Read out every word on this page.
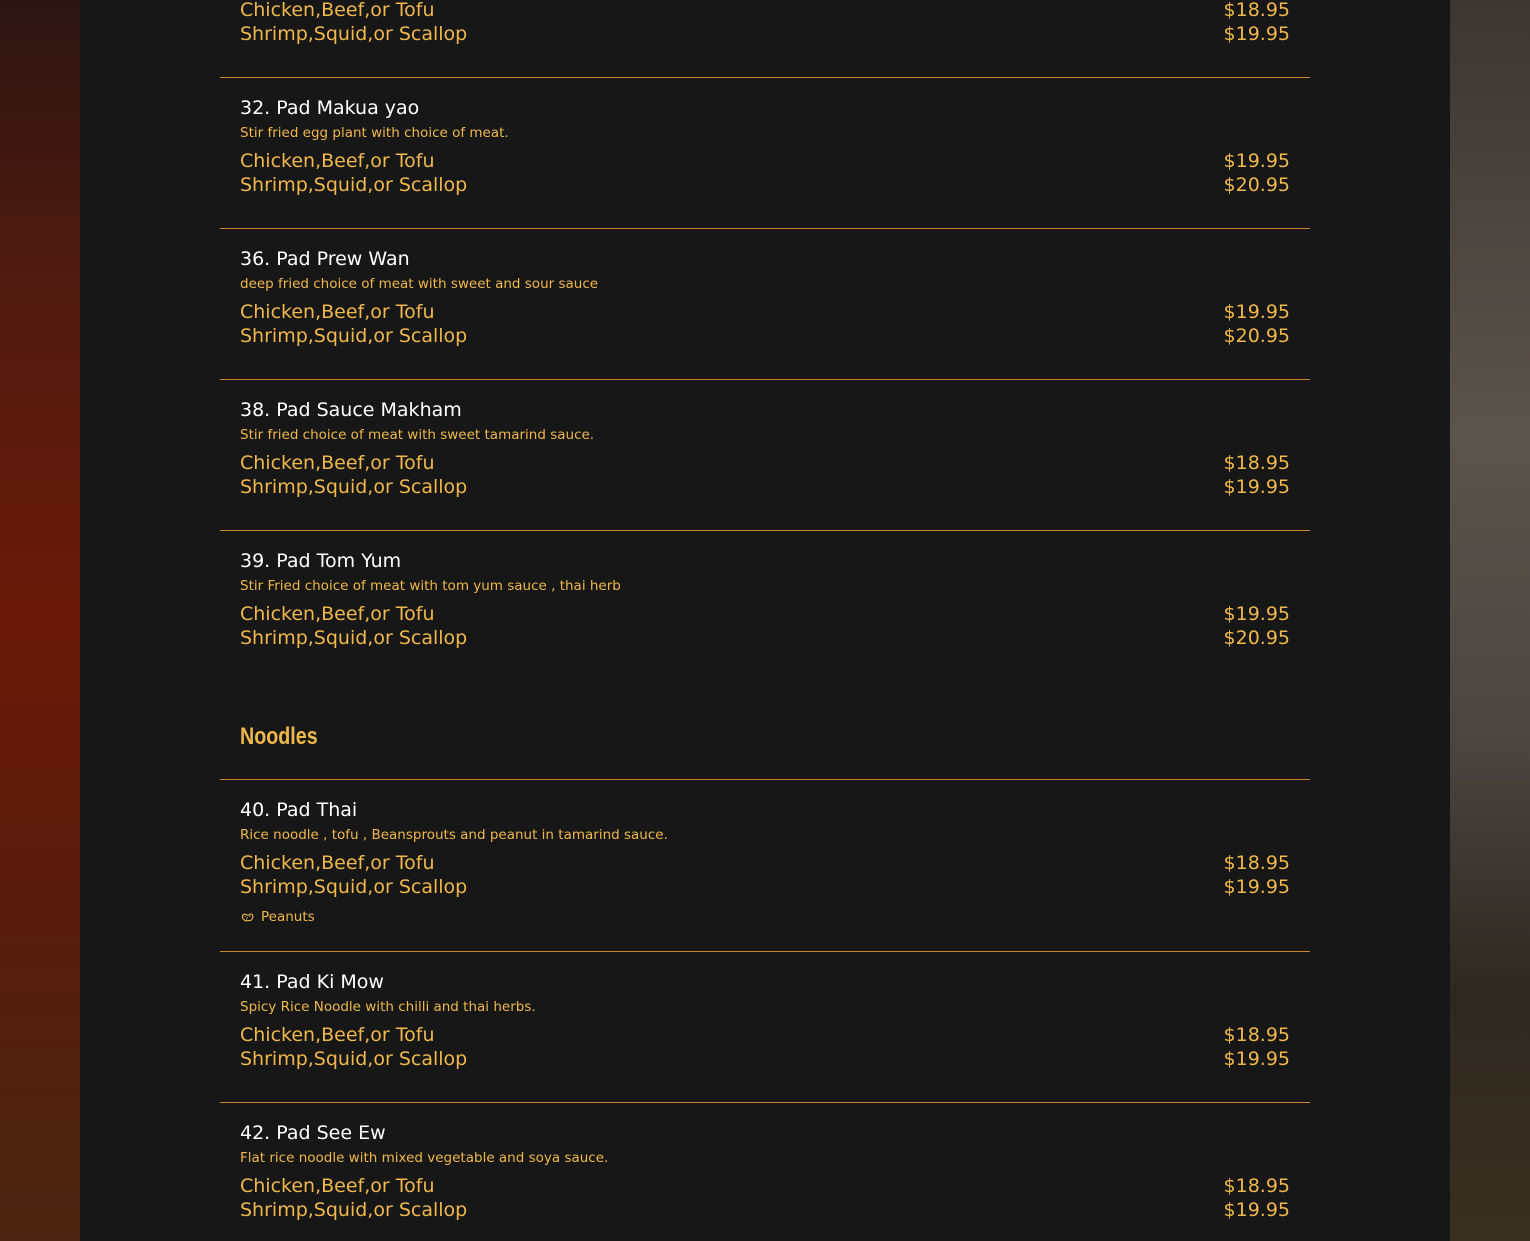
Chicken,Beef,or Tofu	$18.95
Shrimp,Squid,or Scallop	$19.95
32. Pad Makua yao
Stir fried egg plant with choice of meat.
Chicken,Beef,or Tofu	$19.95
Shrimp,Squid,or Scallop	$20.95
36. Pad Prew Wan
deep fried choice of meat with sweet and sour sauce
Chicken,Beef,or Tofu	$19.95
Shrimp,Squid,or Scallop	$20.95
38. Pad Sauce Makham
Stir fried choice of meat with sweet tamarind sauce.
Chicken,Beef,or Tofu	$18.95
Shrimp,Squid,or Scallop	$19.95
39. Pad Tom Yum
Stir Fried choice of meat with tom yum sauce , thai herb
Chicken,Beef,or Tofu	$19.95
Shrimp,Squid,or Scallop	$20.95
Noodles
40. Pad Thai
Rice noodle , tofu , Beansprouts and peanut in tamarind sauce.
Chicken,Beef,or Tofu	$18.95
Shrimp,Squid,or Scallop	$19.95
Peanuts
41. Pad Ki Mow
Spicy Rice Noodle with chilli and thai herbs.
Chicken,Beef,or Tofu	$18.95
Shrimp,Squid,or Scallop	$19.95
42. Pad See Ew
Flat rice noodle with mixed vegetable and soya sauce.
Chicken,Beef,or Tofu	$18.95
Shrimp,Squid,or Scallop	$19.95
